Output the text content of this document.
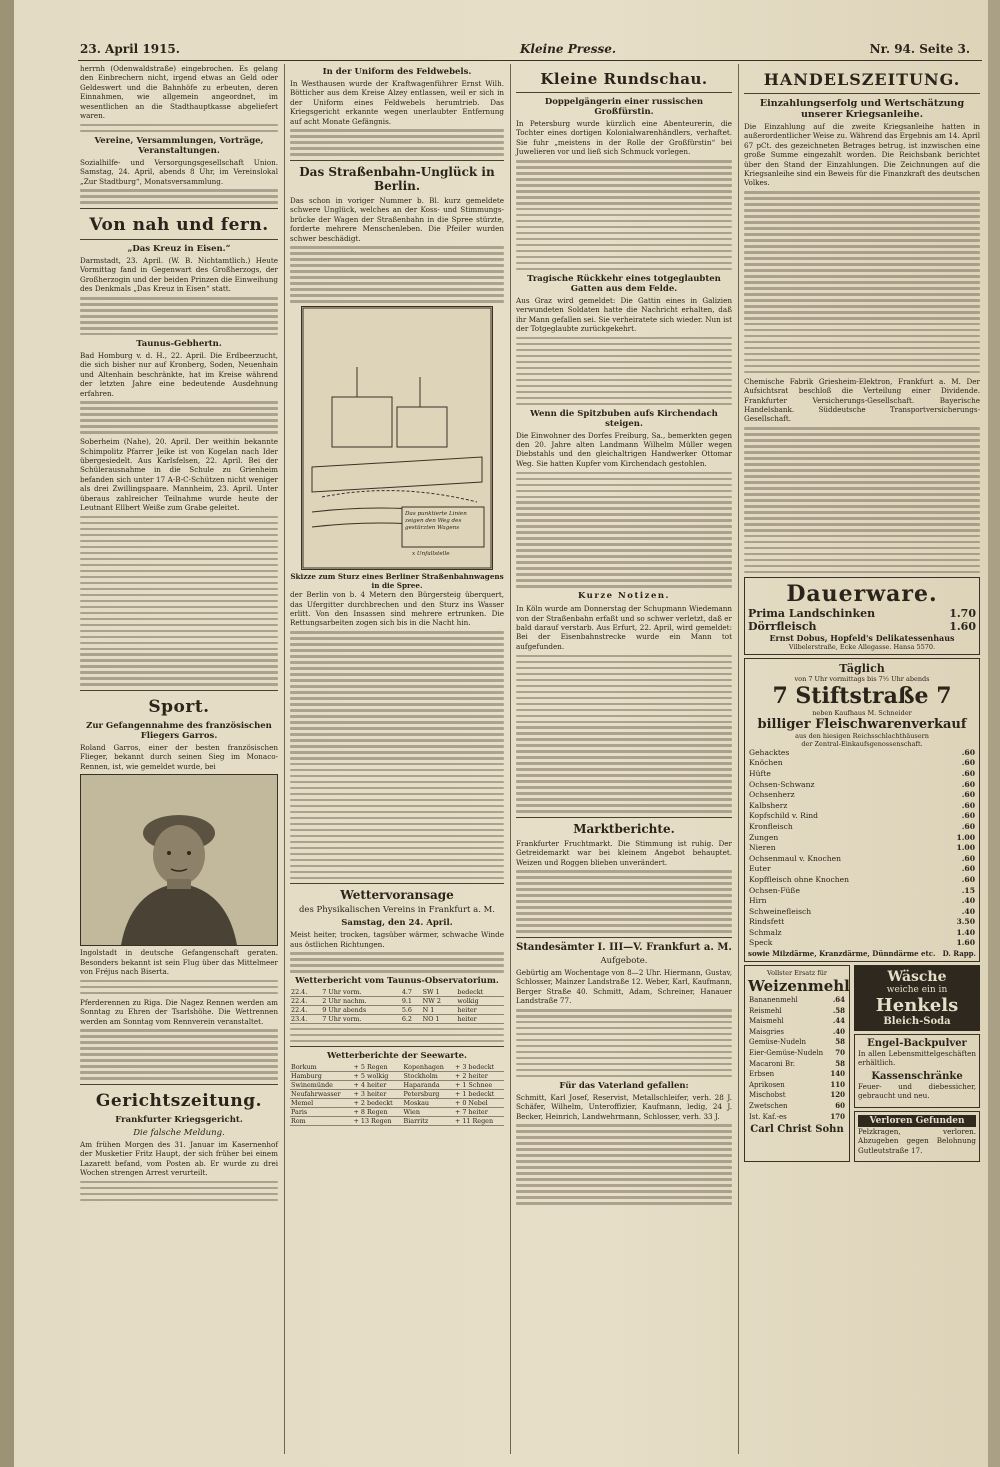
23. April 1915.	Kleine Presse.	Nr. 94. Seite 3.

herrnh (Odenwaldstraße) eingebrochen. Es gelang den Einbrechern nicht, irgend etwas an Geld oder Geldeswert und die Bahnhöfe zu erbeuten, deren Einnahmen, wie allgemein angeordnet, im wesentlichen an die Stadthauptkasse abgeliefert waren.

Vereine, Versammlungen, Vorträge, Veranstaltungen.

Sozialhilfe- und Versorgungsgesellschaft Union. Samstag, 24. April, abends 8 Uhr, im Vereinslokal „Zur Stadtburg“, Monatsversammlung.

Von nah und fern.
„Das Kreuz in Eisen.“

Darmstadt, 23. April. (W. B. Nichtamtlich.) Heute Vormittag fand in Gegenwart des Großherzogs, der Großherzogin und der beiden Prinzen die Einweihung des Denkmals „Das Kreuz in Eisen“ statt.

Taunus-Gebhertn.

Bad Homburg v. d. H., 22. April. Die Erdbeerzucht, die sich bisher nur auf Kronberg, Soden, Neuenhain und Altenhain beschränkte, hat im Kreise während der letzten Jahre eine bedeutende Ausdehnung erfahren.

Soberheim (Nahe), 20. April. Der weithin bekannte Schimpolitz Pfarrer Jeike ist von Kogelan nach Ider übergesiedelt. Aus Karlsfelsen, 22. April. Bei der Schülerausnahme in die Schule zu Grienheim befanden sich unter 17 A-B-C-Schützen nicht weniger als drei Zwillingspaare. Mannheim, 23. April. Unter überaus zahlreicher Teilnahme wurde heute der Leutnant Ellbert Weiße zum Grabe geleitet.

Sport.
Zur Gefangennahme des französischen Fliegers Garros.

Roland Garros, einer der besten französischen Flieger, bekannt durch seinen Sieg im Monaco-Rennen, ist, wie gemeldet wurde, bei

Ingolstadt in deutsche Gefangenschaft geraten. Besonders bekannt ist sein Flug über das Mittelmeer von Fréjus nach Biserta.

Pferderennen zu Riga. Die Nagez Rennen werden am Sonntag zu Ehren der Tsarlshöhe. Die Wettrennen werden am Sonntag vom Rennverein veranstaltet.

Gerichtszeitung.
Frankfurter Kriegsgericht.
Die falsche Meldung.

Am frühen Morgen des 31. Januar im Kasernenhof der Musketier Fritz Haupt, der sich früher bei einem Lazarett befand, vom Posten ab. Er wurde zu drei Wochen strengen Arrest verurteilt.

In der Uniform des Feldwebels.

In Westhausen wurde der Kraftwagenführer Ernst Wilh. Bötticher aus dem Kreise Alzey entlassen, weil er sich in der Uniform eines Feldwebels herumtrieb. Das Kriegsgericht erkannte wegen unerlaubter Entfernung auf acht Monate Gefängnis.

Das Straßenbahn-Unglück in Berlin.

Das schon in voriger Nummer b. Bl. kurz gemeldete schwere Unglück, welches an der Koss- und Stimmungs-brücke der Wagen der Straßenbahn in die Spree stürzte, forderte mehrere Menschenleben. Die Pfeiler wurden schwer beschädigt.

Das punktierte Linien zeigen den Weg des gestürzten Wagens
x Unfallstelle
Skizze zum Sturz eines Berliner Straßenbahnwagens in die Spree.

der Berlin von b. 4 Metern den Bürgersteig überquert, das Ufergitter durchbrechen und den Sturz ins Wasser erlitt. Von den Insassen sind mehrere ertrunken. Die Rettungsarbeiten zogen sich bis in die Nacht hin.

Wettervoransage
des Physikalischen Vereins in Frankfurt a. M.
Samstag, den 24. April.

Meist heiter, trocken, tagsüber wärmer, schwache Winde aus östlichen Richtungen.

Wetterbericht vom Taunus-Observatorium.
22.4.	7 Uhr vorm.	4.7	SW 1	bedeckt
22.4.	2 Uhr nachm.	9.1	NW 2	wolkig
22.4.	9 Uhr abends	5.6	N 1	heiter
23.4.	7 Uhr vorm.	6.2	NO 1	heiter
Wetterberichte der Seewarte.
Borkum	+ 5 Regen	Kopenhagen	+ 3 bedeckt
Hamburg	+ 5 wolkig	Stockholm	+ 2 heiter
Swinemünde	+ 4 heiter	Haparanda	+ 1 Schnee
Neufahrwasser	+ 3 heiter	Petersburg	+ 1 bedeckt
Memel	+ 2 bedeckt	Moskau	+ 0 Nebel
Paris	+ 8 Regen	Wien	+ 7 heiter
Rom	+ 13 Regen	Biarritz	+ 11 Regen
Kleine Rundschau.
Doppelgängerin einer russischen Großfürstin.

In Petersburg wurde kürzlich eine Abenteurerin, die Tochter eines dortigen Kolonialwarenhändlers, verhaftet. Sie fuhr „meistens in der Rolle der Großfürstin“ bei Juwelieren vor und ließ sich Schmuck vorlegen.

Tragische Rückkehr eines totgeglaubten Gatten aus dem Felde.

Aus Graz wird gemeldet: Die Gattin eines in Galizien verwundeten Soldaten hatte die Nachricht erhalten, daß ihr Mann gefallen sei. Sie verheiratete sich wieder. Nun ist der Totgeglaubte zurückgekehrt.

Wenn die Spitzbuben aufs Kirchendach steigen.

Die Einwohner des Dorfes Freiburg, Sa., bemerkten gegen den 20. Jahre alten Landmann Wilhelm Müller wegen Diebstahls und den gleichaltrigen Handwerker Ottomar Weg. Sie hatten Kupfer vom Kirchendach gestohlen.

Kurze Notizen.

In Köln wurde am Donnerstag der Schupmann Wiedemann von der Straßenbahn erfaßt und so schwer verletzt, daß er bald darauf verstarb. Aus Erfurt, 22. April, wird gemeldet: Bei der Eisenbahnstrecke wurde ein Mann tot aufgefunden.

Marktberichte.

Frankfurter Fruchtmarkt. Die Stimmung ist ruhig. Der Getreidemarkt war bei kleinem Angebot behauptet. Weizen und Roggen blieben unverändert.

Standesämter I. III—V. Frankfurt a. M.
Aufgebote.

Gebürtig am Wochentage von 8—2 Uhr. Hiermann, Gustav, Schlosser, Mainzer Landstraße 12. Weber, Karl, Kaufmann, Berger Straße 40. Schmitt, Adam, Schreiner, Hanauer Landstraße 77.

Für das Vaterland gefallen:

Schmitt, Karl Josef, Reservist, Metallschleifer, verh. 28 J. Schäfer, Wilhelm, Unteroffizier, Kaufmann, ledig, 24 J. Becker, Heinrich, Landwehrmann, Schlosser, verh. 33 J.

HANDELSZEITUNG.
Einzahlungserfolg und Wertschätzung unserer Kriegsanleihe.

Die Einzahlung auf die zweite Kriegsanleihe hatten in außerordentlicher Weise zu. Während das Ergebnis am 14. April 67 pCt. des gezeichneten Betrages betrug, ist inzwischen eine große Summe eingezahlt worden. Die Reichsbank berichtet über den Stand der Einzahlungen. Die Zeichnungen auf die Kriegsanleihe sind ein Beweis für die Finanzkraft des deutschen Volkes.

Chemische Fabrik Griesheim-Elektron, Frankfurt a. M. Der Aufsichtsrat beschloß die Verteilung einer Dividende. Frankfurter Versicherungs-Gesellschaft. Bayerische Handelsbank. Süddeutsche Transportversicherungs-Gesellschaft.

Dauerware.
Prima Landschinken	1.70
Dörrfleisch	1.60
Ernst Dobus, Hopfeld's Delikatessenhaus
Vilbelerstraße, Ecke Allegasse. Hansa 5570.
Täglich
von 7 Uhr vormittags bis 7½ Uhr abends
7 Stiftstraße 7
neben Kaufhaus M. Schneider
billiger Fleischwarenverkauf
aus den hiesigen Reichsschlachthäusern
der Zentral-Einkaufsgenossenschaft.
Gehacktes	.60
Knöchen	.60
Hüfte	.60
Ochsen-Schwanz	.60
Ochsenherz	.60
Kalbsherz	.60
Kopfschild v. Rind	.60
Kronfleisch	.60
Zungen	1.00
Nieren	1.00
Ochsenmaul v. Knochen	.60
Euter	.60
Kopffleisch ohne Knochen	.60
Ochsen-Füße	.15
Hirn	.40
Schweinefleisch	.40
Rindsfett	3.50
Schmalz	1.40
Speck	1.60
sowie Milzdärme, Kranzdärme, Dünndärme etc. D. Rapp.
Vollster Ersatz für
Weizenmehl
Bananenmehl	.64
Reismehl	.58
Maismehl	.44
Maisgries	.40
Gemüse-Nudeln	58
Eier-Gemüse-Nudeln	70
Macaroni Br.	58
Erbsen	140
Aprikosen	110
Mischobst	120
Zwetschen	60
Ist. Kaf.-es	170
Carl Christ Sohn
Wäsche
weiche ein in
Henkels
Bleich-Soda
Engel-Backpulver

In allen Lebensmittelgeschäften erhältlich.

Kassenschränke

Feuer- und diebessicher, gebraucht und neu.

Verloren Gefunden

Pelzkragen, verloren. Abzugeben gegen Belohnung Gutleutstraße 17.
